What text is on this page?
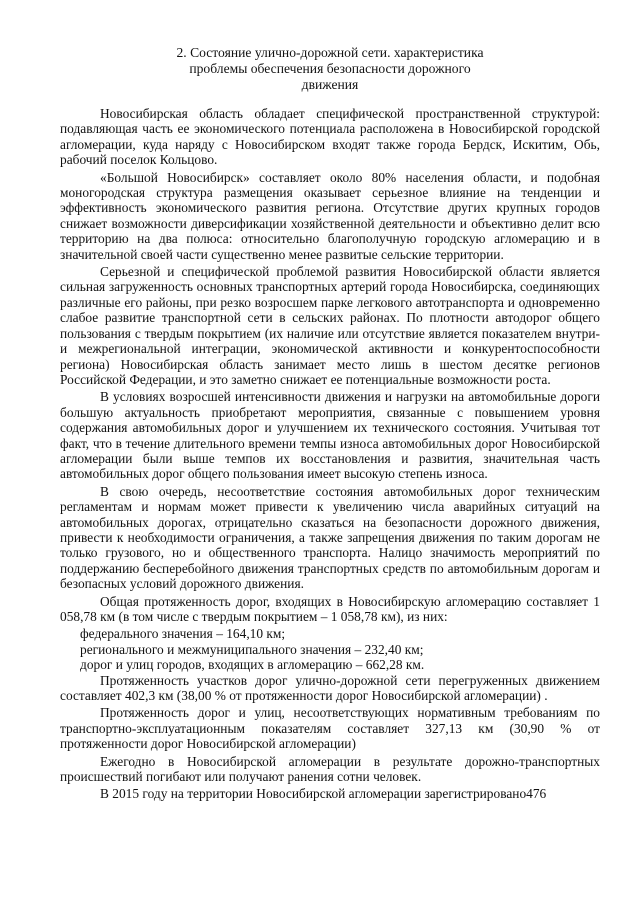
2. Состояние улично-дорожной сети. характеристика
проблемы обеспечения безопасности дорожного
движения

Новосибирская область обладает специфической пространственной структурой: подавляющая часть ее экономического потенциала расположена в Новосибирской городской агломерации, куда наряду с Новосибирском входят также города Бердск, Искитим, Обь, рабочий поселок Кольцово.

«Большой Новосибирск» составляет около 80% населения области, и подобная моногородская структура размещения оказывает серьезное влияние на тенденции и эффективность экономического развития региона. Отсутствие других крупных городов снижает возможности диверсификации хозяйственной деятельности и объективно делит всю территорию на два полюса: относительно благополучную городскую агломерацию и в значительной своей части существенно менее развитые сельские территории.

Серьезной и специфической проблемой развития Новосибирской области является сильная загруженность основных транспортных артерий города Новосибирска, соединяющих различные его районы, при резко возросшем парке легкового автотранспорта и одновременно слабое развитие транспортной сети в сельских районах. По плотности автодорог общего пользования с твердым покрытием (их наличие или отсутствие является показателем внутри- и межрегиональной интеграции, экономической активности и конкурентоспособности региона) Новосибирская область занимает место лишь в шестом десятке регионов Российской Федерации, и это заметно снижает ее потенциальные возможности роста.

В условиях возросшей интенсивности движения и нагрузки на автомобильные дороги большую актуальность приобретают мероприятия, связанные с повышением уровня содержания автомобильных дорог и улучшением их технического состояния. Учитывая тот факт, что в течение длительного времени темпы износа автомобильных дорог Новосибирской агломерации были выше темпов их восстановления и развития, значительная часть автомобильных дорог общего пользования имеет высокую степень износа.

В свою очередь, несоответствие состояния автомобильных дорог техническим регламентам и нормам может привести к увеличению числа аварийных ситуаций на автомобильных дорогах, отрицательно сказаться на безопасности дорожного движения, привести к необходимости ограничения, а также запрещения движения по таким дорогам не только грузового, но и общественного транспорта. Налицо значимость мероприятий по поддержанию бесперебойного движения транспортных средств по автомобильным дорогам и безопасных условий дорожного движения.

Общая протяженность дорог, входящих в Новосибирскую агломерацию составляет 1 058,78 км (в том числе с твердым покрытием – 1 058,78 км), из них:

федерального значения – 164,10 км;
регионального и межмуниципального значения – 232,40 км;
дорог и улиц городов, входящих в агломерацию – 662,28 км.

Протяженность участков дорог улично-дорожной сети перегруженных движением составляет 402,3 км (38,00 % от протяженности дорог Новосибирской агломерации) .

Протяженность дорог и улиц, несоответствующих нормативным требованиям по транспортно-эксплуатационным показателям составляет 327,13 км (30,90 % от протяженности дорог Новосибирской агломерации)

Ежегодно в Новосибирской агломерации в результате дорожно-транспортных происшествий погибают или получают ранения сотни человек.

В 2015 году на территории Новосибирской агломерации зарегистрировано476
